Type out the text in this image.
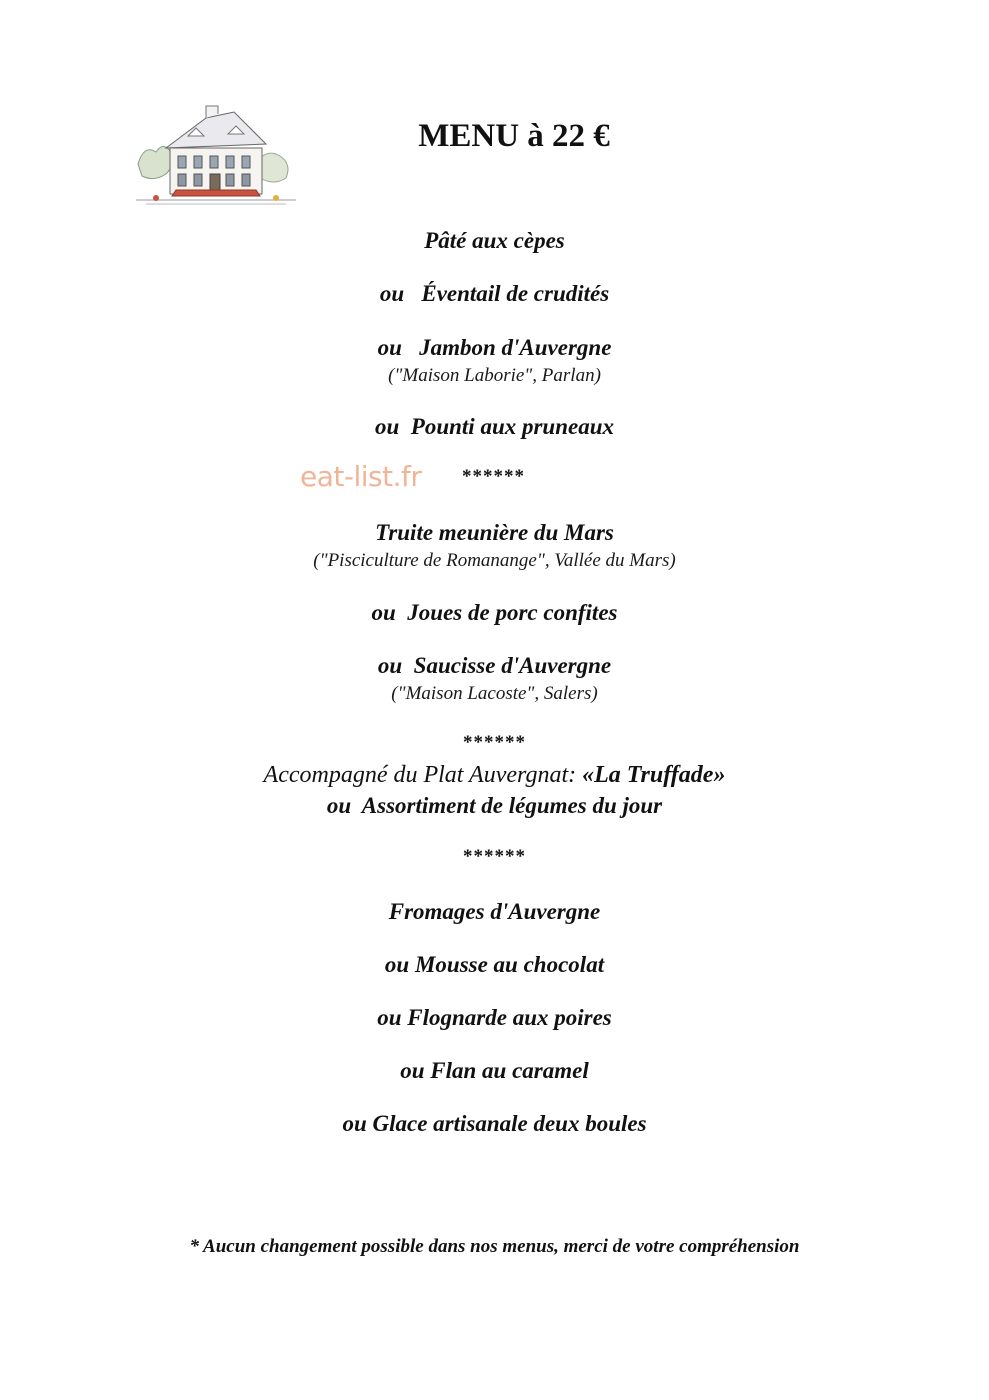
MENU à 22 €
Pâté aux cèpes
ou   Éventail de crudités
ou   Jambon d'Auvergne
("Maison Laborie", Parlan)
ou  Pounti aux pruneaux
eat-list.fr ******
Truite meunière du Mars
("Pisciculture de Romanange", Vallée du Mars)
ou  Joues de porc confites
ou  Saucisse d'Auvergne
("Maison Lacoste", Salers)
******
Accompagné du Plat Auvergnat: «La Truffade»
ou  Assortiment de légumes du jour
******
Fromages d'Auvergne
ou Mousse au chocolat
ou Flognarde aux poires
ou Flan au caramel
ou Glace artisanale deux boules
* Aucun changement possible dans nos menus, merci de votre compréhension
